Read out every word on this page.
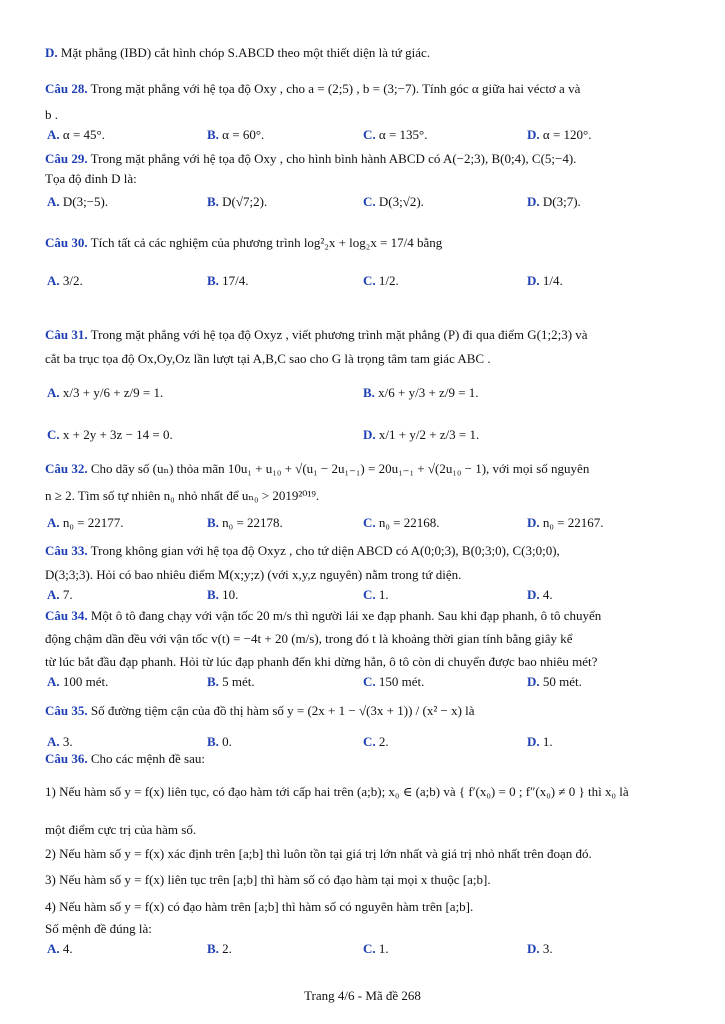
D. Mặt phẳng (IBD) cắt hình chóp S.ABCD theo một thiết diện là tứ giác.
Câu 28. Trong mặt phẳng với hệ tọa độ Oxy , cho a = (2;5) , b = (3;−7). Tính góc α giữa hai véctơ a và
b .
Câu 29. Trong mặt phẳng với hệ tọa độ Oxy , cho hình bình hành ABCD có A(−2;3), B(0;4), C(5;−4).
Tọa độ đỉnh D là:
Câu 30. Tích tất cả các nghiệm của phương trình log²₂x + log₂x = 17/4 bằng
Câu 31. Trong mặt phẳng với hệ tọa độ Oxyz , viết phương trình mặt phẳng (P) đi qua điểm G(1;2;3) và
cắt ba trục tọa độ Ox,Oy,Oz lần lượt tại A,B,C sao cho G là trọng tâm tam giác ABC .
Câu 32. Cho dãy số (uₙ) thỏa mãn 10u₁ + u₁₀ + √(u₁ − 2u₁₋₁) = 20u₁₋₁ + √(2u₁₀ − 1), với mọi số nguyên
n ≥ 2. Tìm số tự nhiên n₀ nhỏ nhất để uₙ₀ > 2019²⁰¹⁹.
Câu 33. Trong không gian với hệ tọa độ Oxyz , cho tứ diện ABCD có A(0;0;3), B(0;3;0), C(3;0;0),
D(3;3;3). Hỏi có bao nhiêu điểm M(x;y;z) (với x,y,z nguyên) nằm trong tứ diện.
Câu 34. Một ô tô đang chạy với vận tốc 20 m/s thì người lái xe đạp phanh. Sau khi đạp phanh, ô tô chuyển
động chậm dần đều với vận tốc v(t) = −4t + 20 (m/s), trong đó t là khoảng thời gian tính bằng giây kể
từ lúc bắt đầu đạp phanh. Hỏi từ lúc đạp phanh đến khi dừng hẳn, ô tô còn di chuyển được bao nhiêu mét?
Câu 35. Số đường tiệm cận của đồ thị hàm số y = (2x + 1 − √(3x + 1)) / (x² − x) là
Câu 36. Cho các mệnh đề sau:
1) Nếu hàm số y = f(x) liên tục, có đạo hàm tới cấp hai trên (a;b); x₀ ∈ (a;b) và { f′(x₀) = 0 ; f″(x₀) ≠ 0 } thì x₀ là
một điểm cực trị của hàm số.
2) Nếu hàm số y = f(x) xác định trên [a;b] thì luôn tồn tại giá trị lớn nhất và giá trị nhỏ nhất trên đoạn đó.
3) Nếu hàm số y = f(x) liên tục trên [a;b] thì hàm số có đạo hàm tại mọi x thuộc [a;b].
4) Nếu hàm số y = f(x) có đạo hàm trên [a;b] thì hàm số có nguyên hàm trên [a;b].
Số mệnh đề đúng là:
A. α = 45°.	B. α = 60°.	C. α = 135°.	D. α = 120°.
A. D(3;−5).	B. D(√7;2).	C. D(3;√2).	D. D(3;7).
A. 3/2.	B. 17/4.	C. 1/2.	D. 1/4.
A. x/3 + y/6 + z/9 = 1.	B. x/6 + y/3 + z/9 = 1.
C. x + 2y + 3z − 14 = 0.	D. x/1 + y/2 + z/3 = 1.
A. n₀ = 22177.	B. n₀ = 22178.	C. n₀ = 22168.	D. n₀ = 22167.
A. 7.	B. 10.	C. 1.	D. 4.
A. 100 mét.	B. 5 mét.	C. 150 mét.	D. 50 mét.
A. 3.	B. 0.	C. 2.	D. 1.
A. 4.	B. 2.	C. 1.	D. 3.
Trang 4/6 - Mã đề 268
